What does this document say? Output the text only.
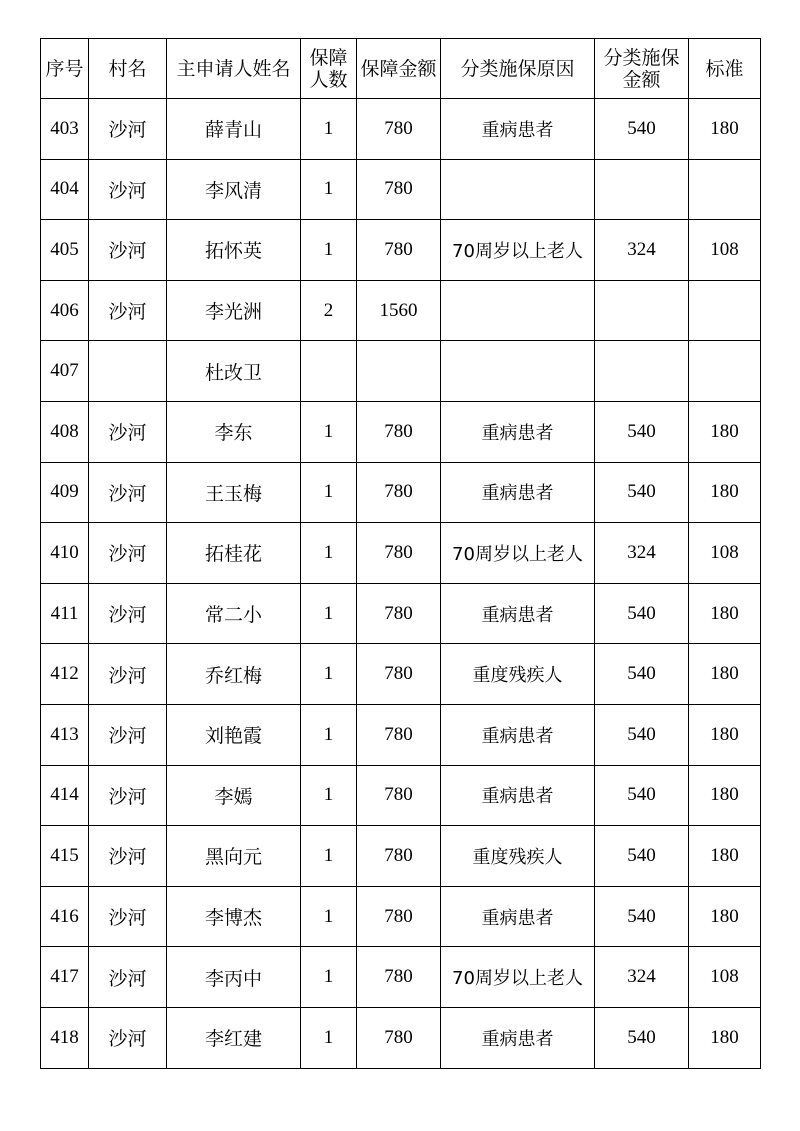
序号	村名	主申请人姓名	保障人数	保障金额	分类施保原因	分类施保金额	标准
403	沙河	薛青山	1	780	重病患者	540	180
404	沙河	李风清	1	780			
405	沙河	拓怀英	1	780	70周岁以上老人	324	108
406	沙河	李光洲	2	1560			
407		杜改卫					
408	沙河	李东	1	780	重病患者	540	180
409	沙河	王玉梅	1	780	重病患者	540	180
410	沙河	拓桂花	1	780	70周岁以上老人	324	108
411	沙河	常二小	1	780	重病患者	540	180
412	沙河	乔红梅	1	780	重度残疾人	540	180
413	沙河	刘艳霞	1	780	重病患者	540	180
414	沙河	李嫣	1	780	重病患者	540	180
415	沙河	黑向元	1	780	重度残疾人	540	180
416	沙河	李博杰	1	780	重病患者	540	180
417	沙河	李丙中	1	780	70周岁以上老人	324	108
418	沙河	李红建	1	780	重病患者	540	180
